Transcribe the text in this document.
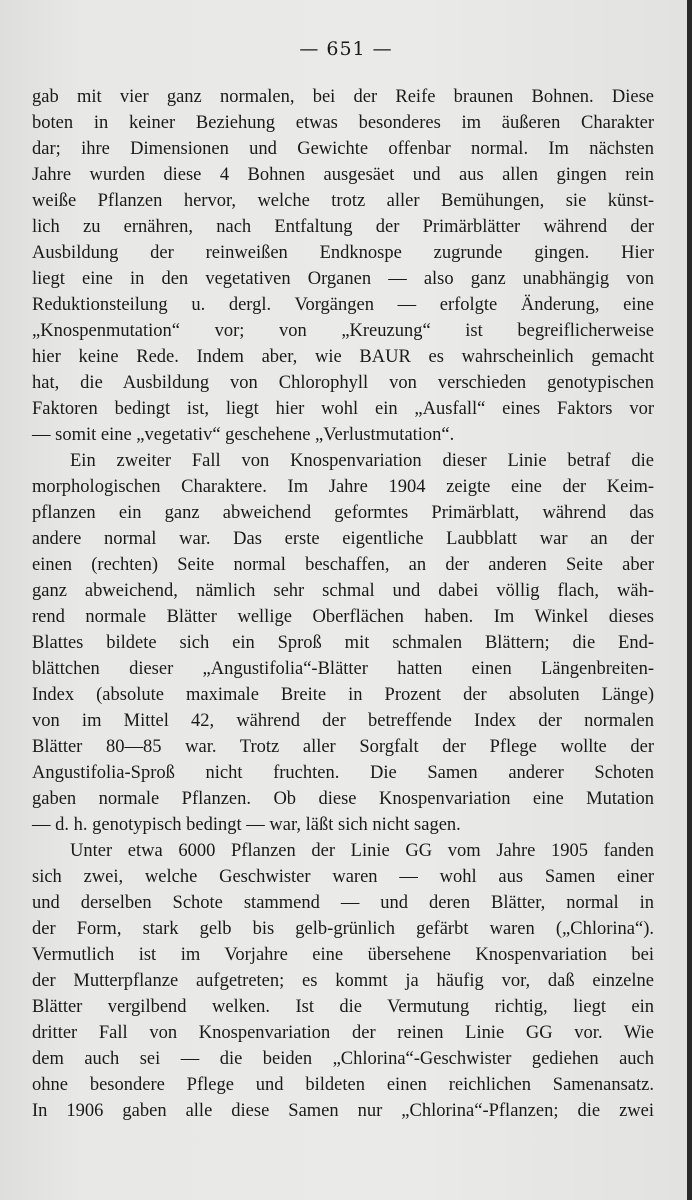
— 651 —
gab mit vier ganz normalen, bei der Reife braunen Bohnen. Diese
boten in keiner Beziehung etwas besonderes im äußeren Charakter
dar; ihre Dimensionen und Gewichte offenbar normal. Im nächsten
Jahre wurden diese 4 Bohnen ausgesäet und aus allen gingen rein
weiße Pflanzen hervor, welche trotz aller Bemühungen, sie künst-
lich zu ernähren, nach Entfaltung der Primärblätter während der
Ausbildung der reinweißen Endknospe zugrunde gingen. Hier
liegt eine in den vegetativen Organen — also ganz unabhängig von
Reduktionsteilung u. dergl. Vorgängen — erfolgte Änderung, eine
„Knospenmutation“ vor; von „Kreuzung“ ist begreiflicherweise
hier keine Rede. Indem aber, wie BAUR es wahrscheinlich gemacht
hat, die Ausbildung von Chlorophyll von verschieden genotypischen
Faktoren bedingt ist, liegt hier wohl ein „Ausfall“ eines Faktors vor
— somit eine „vegetativ“ geschehene „Verlustmutation“.
Ein zweiter Fall von Knospenvariation dieser Linie betraf die
morphologischen Charaktere. Im Jahre 1904 zeigte eine der Keim-
pflanzen ein ganz abweichend geformtes Primärblatt, während das
andere normal war. Das erste eigentliche Laubblatt war an der
einen (rechten) Seite normal beschaffen, an der anderen Seite aber
ganz abweichend, nämlich sehr schmal und dabei völlig flach, wäh-
rend normale Blätter wellige Oberflächen haben. Im Winkel dieses
Blattes bildete sich ein Sproß mit schmalen Blättern; die End-
blättchen dieser „Angustifolia“-Blätter hatten einen Längenbreiten-
Index (absolute maximale Breite in Prozent der absoluten Länge)
von im Mittel 42, während der betreffende Index der normalen
Blätter 80—85 war. Trotz aller Sorgfalt der Pflege wollte der
Angustifolia-Sproß nicht fruchten. Die Samen anderer Schoten
gaben normale Pflanzen. Ob diese Knospenvariation eine Mutation
— d. h. genotypisch bedingt — war, läßt sich nicht sagen.
Unter etwa 6000 Pflanzen der Linie GG vom Jahre 1905 fanden
sich zwei, welche Geschwister waren — wohl aus Samen einer
und derselben Schote stammend — und deren Blätter, normal in
der Form, stark gelb bis gelb-grünlich gefärbt waren („Chlorina“).
Vermutlich ist im Vorjahre eine übersehene Knospenvariation bei
der Mutterpflanze aufgetreten; es kommt ja häufig vor, daß einzelne
Blätter vergilbend welken. Ist die Vermutung richtig, liegt ein
dritter Fall von Knospenvariation der reinen Linie GG vor. Wie
dem auch sei — die beiden „Chlorina“-Geschwister gediehen auch
ohne besondere Pflege und bildeten einen reichlichen Samenansatz.
In 1906 gaben alle diese Samen nur „Chlorina“-Pflanzen; die zwei
